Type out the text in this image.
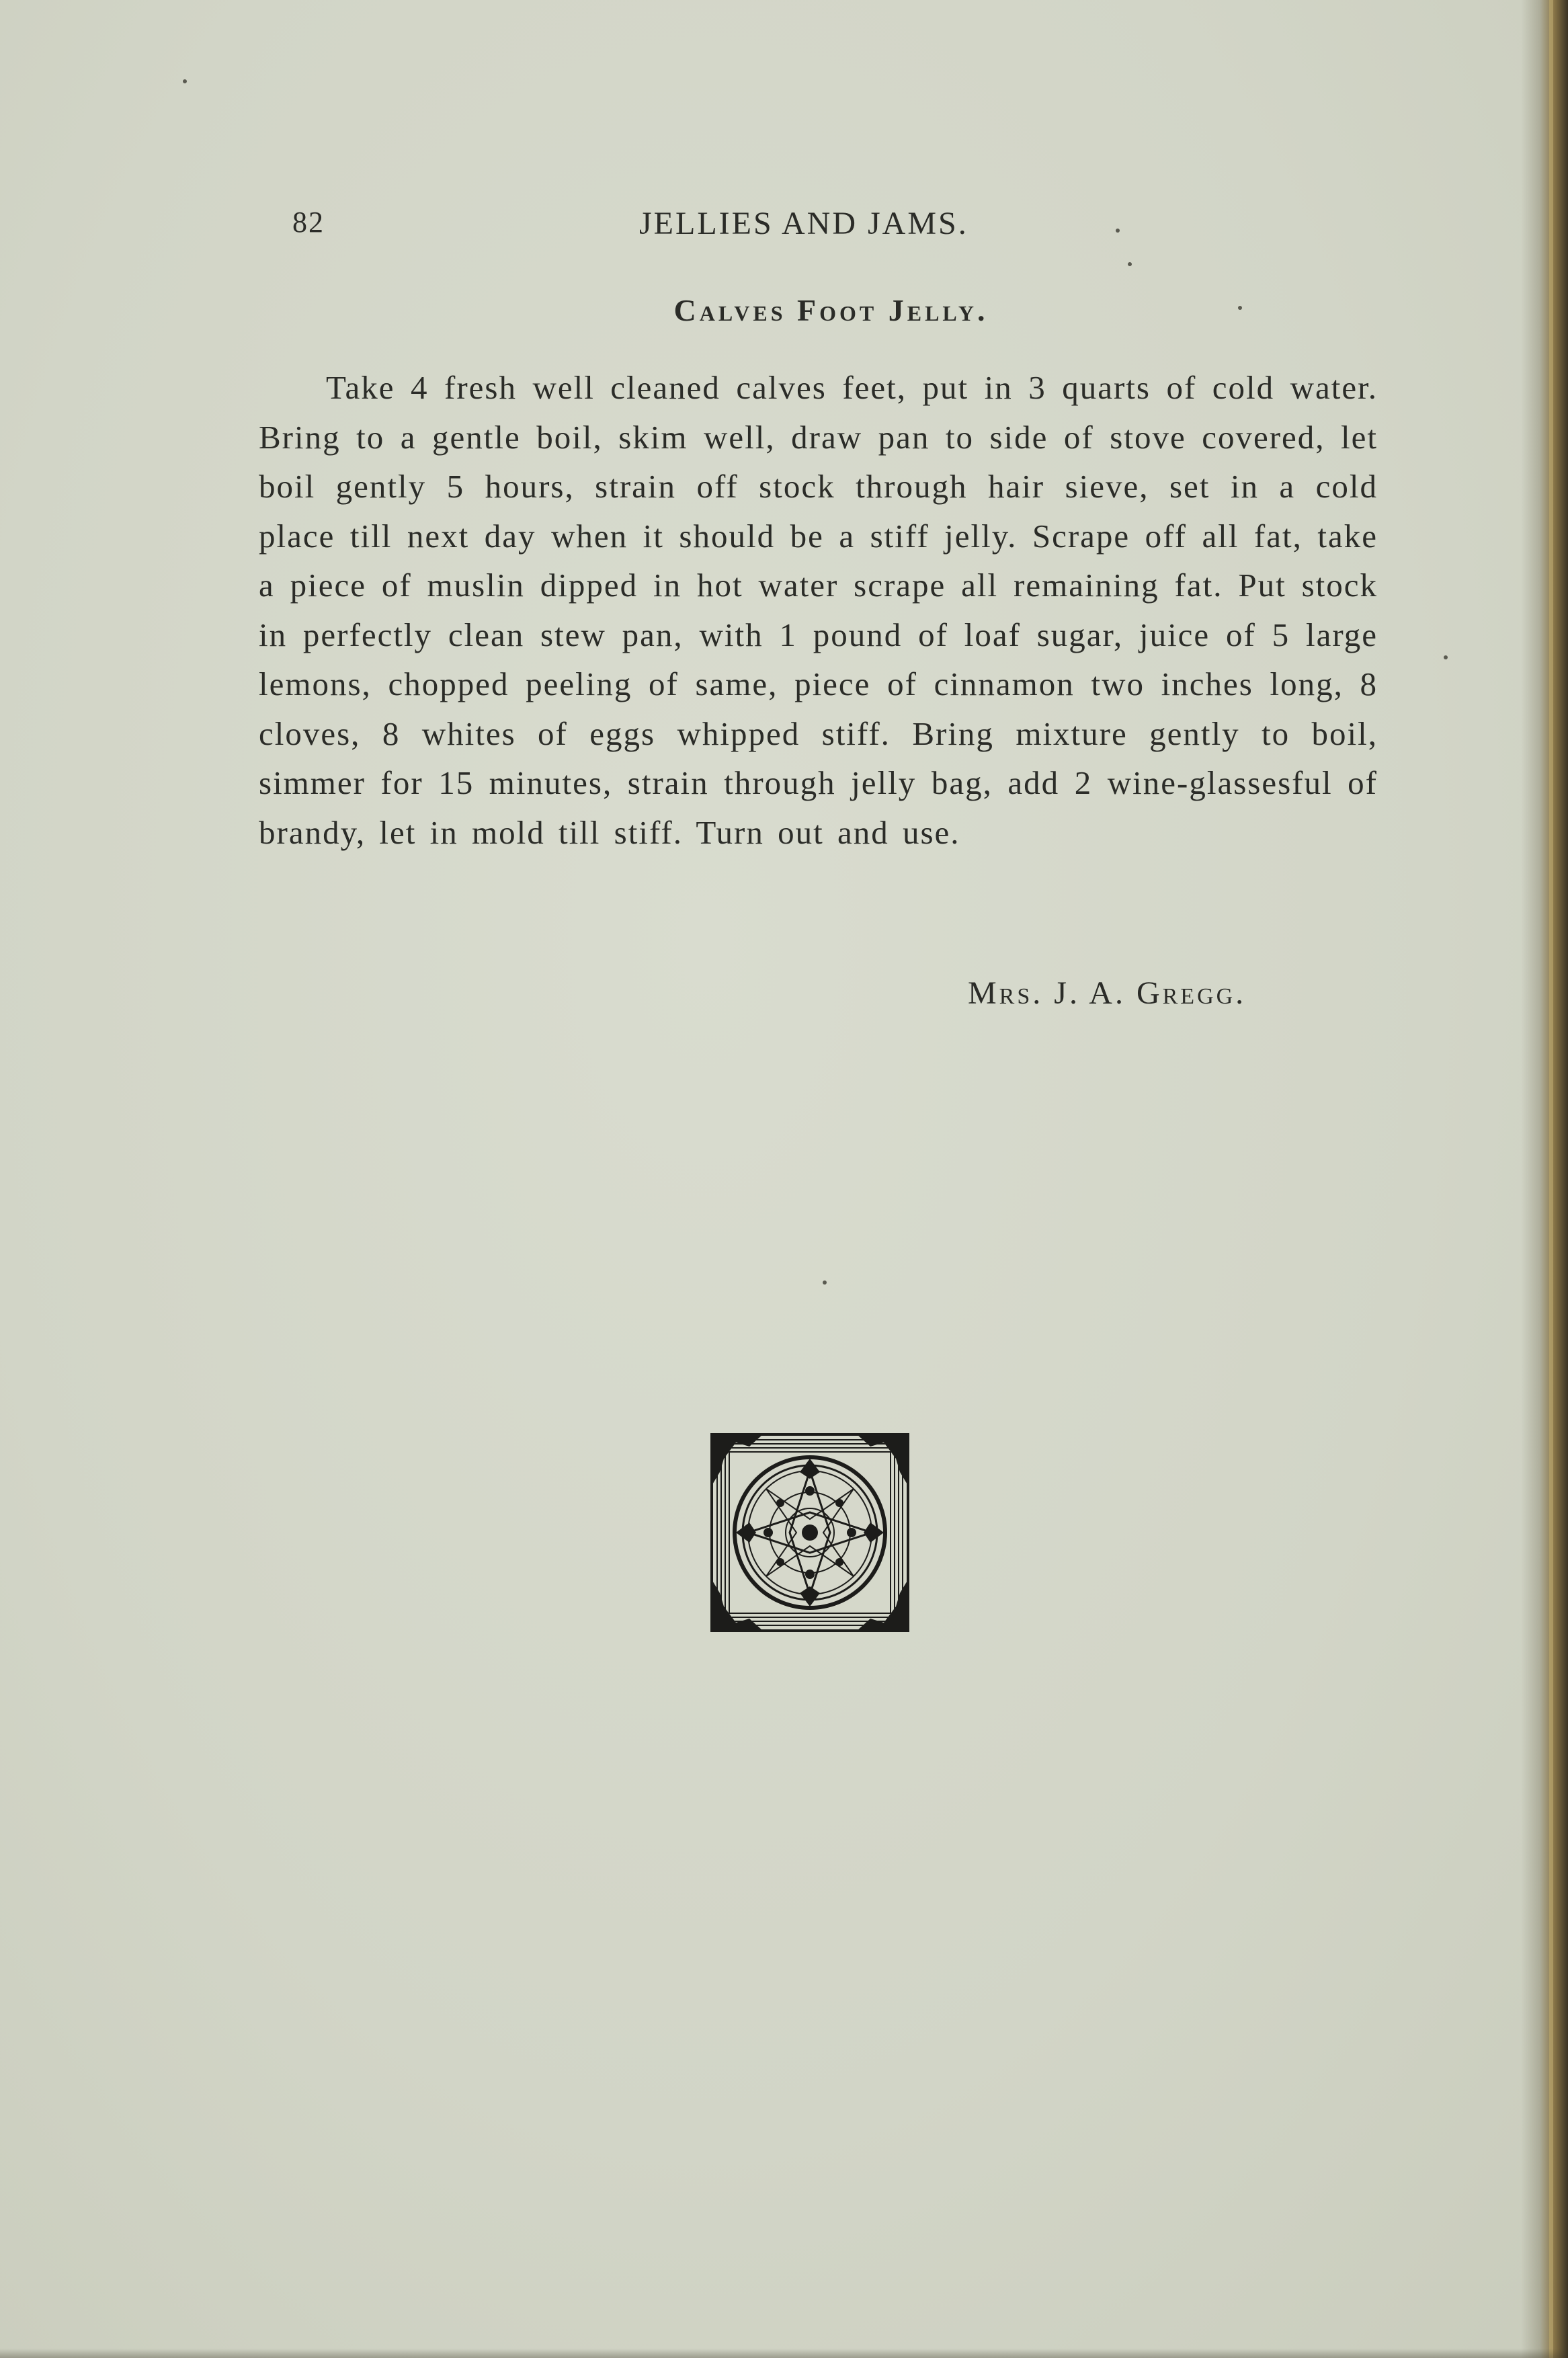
82	JELLIES AND JAMS.
Calves Foot Jelly.

Take 4 fresh well cleaned calves feet, put in 3 quarts of cold water. Bring to a gentle boil, skim well, draw pan to side of stove covered, let boil gently 5 hours, strain off stock through hair sieve, set in a cold place till next day when it should be a stiff jelly. Scrape off all fat, take a piece of muslin dipped in hot water scrape all remaining fat. Put stock in perfectly clean stew pan, with 1 pound of loaf sugar, juice of 5 large lemons, chopped peeling of same, piece of cinnamon two inches long, 8 cloves, 8 whites of eggs whipped stiff. Bring mixture gently to boil, simmer for 15 minutes, strain through jelly bag, add 2 wine-glassesful of brandy, let in mold till stiff. Turn out and use.

Mrs. J. A. Gregg.
